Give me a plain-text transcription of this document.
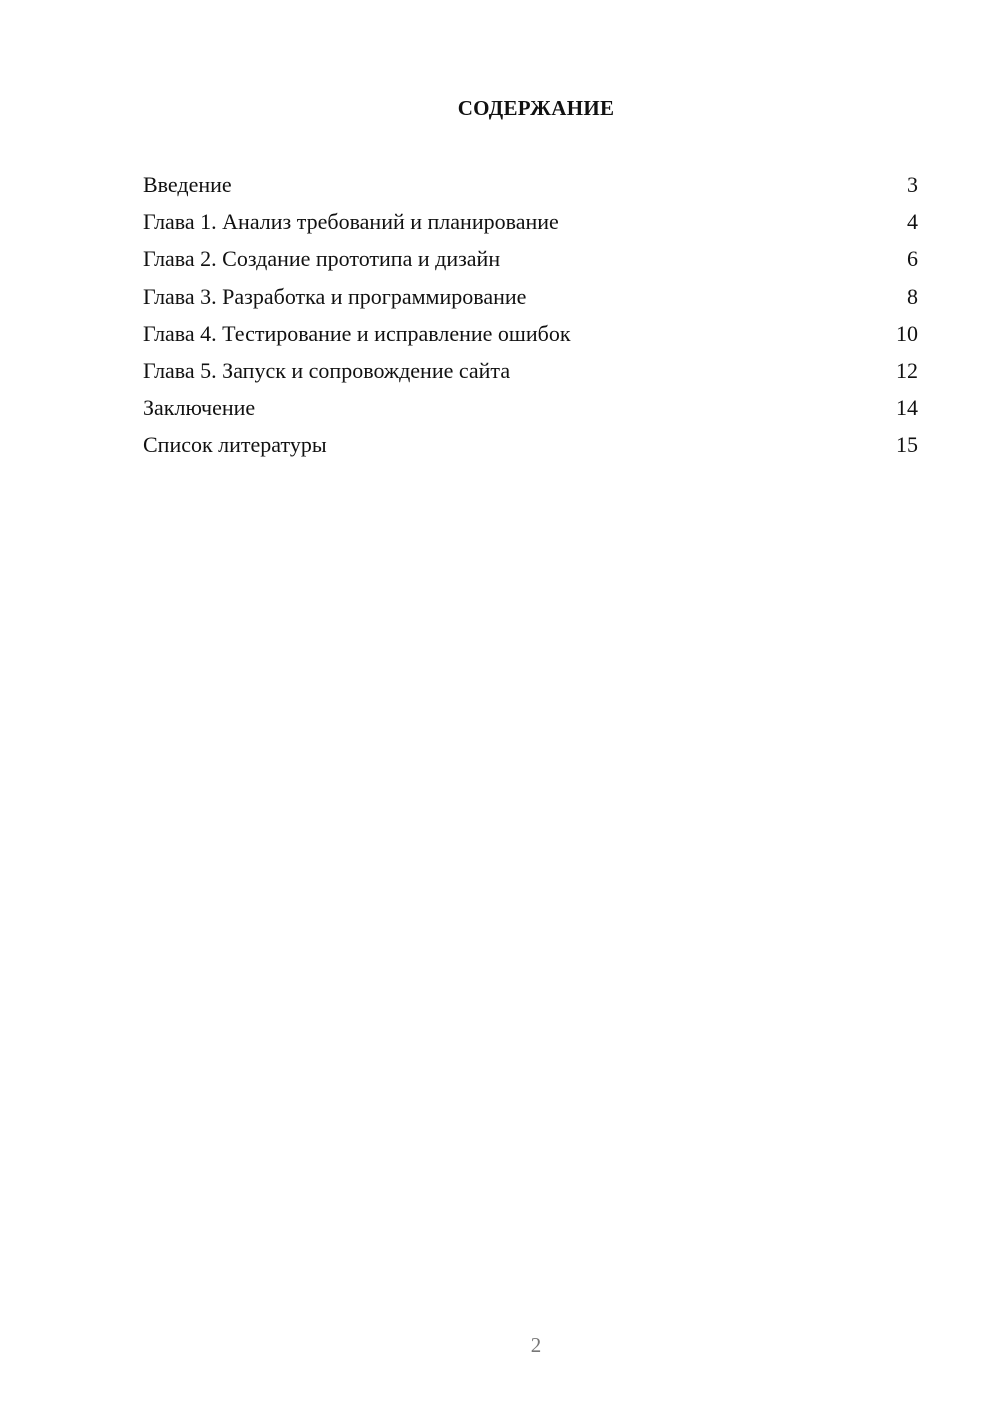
СОДЕРЖАНИЕ
Введение	3
Глава 1. Анализ требований и планирование	4
Глава 2. Создание прототипа и дизайн	6
Глава 3. Разработка и программирование	8
Глава 4. Тестирование и исправление ошибок	10
Глава 5. Запуск и сопровождение сайта	12
Заключение	14
Список литературы	15
2
